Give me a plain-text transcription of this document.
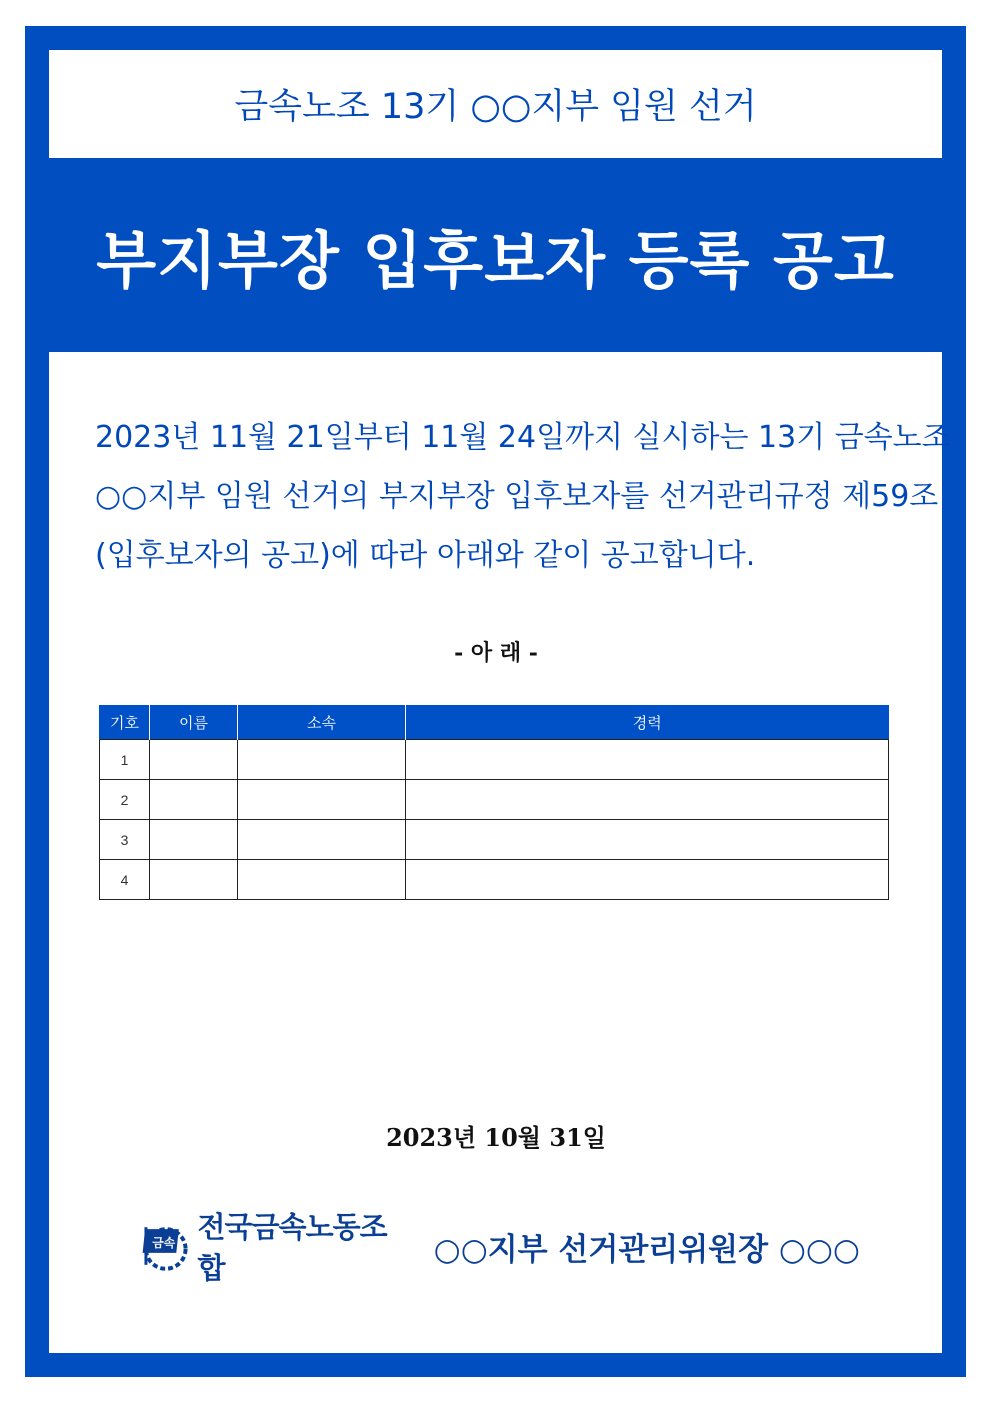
금속노조 13기 ○○지부 임원 선거
부지부장 입후보자 등록 공고
2023년 11월 21일부터 11월 24일까지 실시하는 13기 금속노조
○○지부 임원 선거의 부지부장 입후보자를 선거관리규정 제59조
(입후보자의 공고)에 따라 아래와 같이 공고합니다.
- 아 래 -
기호	이름	소속	경력
1			
2			
3			
4			
2023년 10월 31일
금속 전국금속노동조합
○○지부 선거관리위원장 ○○○
